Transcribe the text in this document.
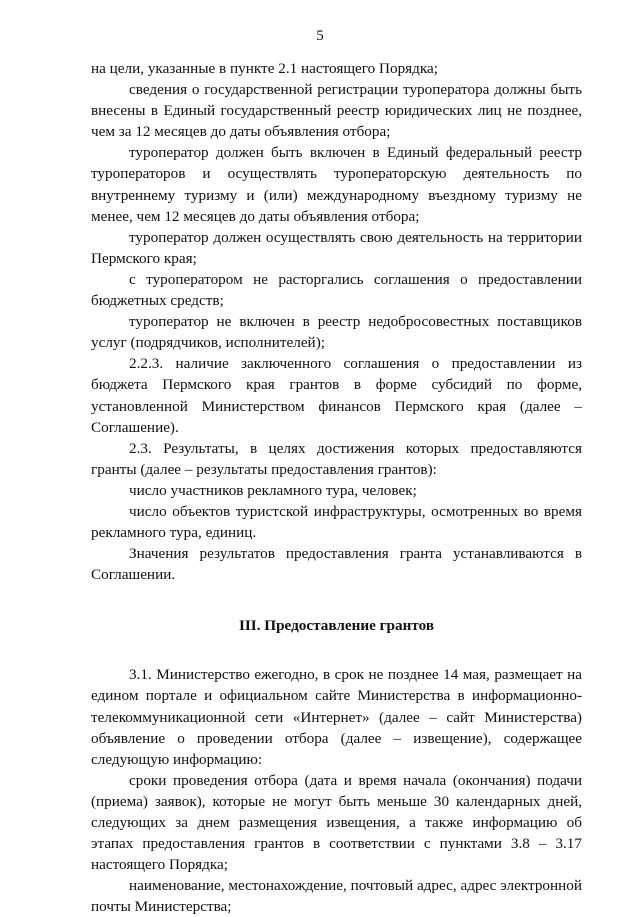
5

на цели, указанные в пункте 2.1 настоящего Порядка;

сведения о государственной регистрации туроператора должны быть внесены в Единый государственный реестр юридических лиц не позднее, чем за 12 месяцев до даты объявления отбора;

туроператор должен быть включен в Единый федеральный реестр туроператоров и осуществлять туроператорскую деятельность по внутреннему туризму и (или) международному въездному туризму не менее, чем 12 месяцев до даты объявления отбора;

туроператор должен осуществлять свою деятельность на территории Пермского края;

с туроператором не расторгались соглашения о предоставлении бюджетных средств;

туроператор не включен в реестр недобросовестных поставщиков услуг (подрядчиков, исполнителей);

2.2.3. наличие заключенного соглашения о предоставлении из бюджета Пермского края грантов в форме субсидий по форме, установленной Министерством финансов Пермского края (далее – Соглашение).

2.3. Результаты, в целях достижения которых предоставляются гранты (далее – результаты предоставления грантов):

число участников рекламного тура, человек;

число объектов туристской инфраструктуры, осмотренных во время рекламного тура, единиц.

Значения результатов предоставления гранта устанавливаются в Соглашении.

III. Предоставление грантов

3.1. Министерство ежегодно, в срок не позднее 14 мая, размещает на едином портале и официальном сайте Министерства в информационно-телекоммуникационной сети «Интернет» (далее – сайт Министерства) объявление о проведении отбора (далее – извещение), содержащее следующую информацию:

сроки проведения отбора (дата и время начала (окончания) подачи (приема) заявок), которые не могут быть меньше 30 календарных дней, следующих за днем размещения извещения, а также информацию об этапах предоставления грантов в соответствии с пунктами 3.8 – 3.17 настоящего Порядка;

наименование, местонахождение, почтовый адрес, адрес электронной почты Министерства;
